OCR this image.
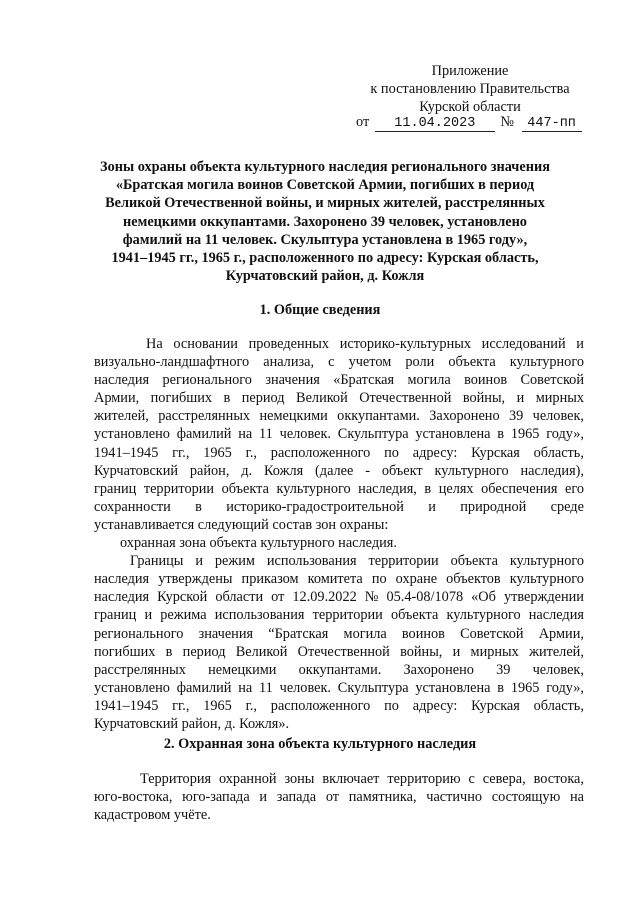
Приложение
к постановлению Правительства
Курской области
от 11.04.2023 № 447-пп
Зоны охраны объекта культурного наследия регионального значения
«Братская могила воинов Советской Армии, погибших в период
Великой Отечественной войны, и мирных жителей, расстрелянных
немецкими оккупантами. Захоронено 39 человек, установлено
фамилий на 11 человек. Скульптура установлена в 1965 году»,
1941–1945 гг., 1965 г., расположенного по адресу: Курская область,
Курчатовский район, д. Кожля
1. Общие сведения
На основании проведенных историко-культурных исследований и
визуально-ландшафтного анализа, с учетом роли объекта культурного
наследия регионального значения «Братская могила воинов Советской
Армии, погибших в период Великой Отечественной войны, и мирных
жителей, расстрелянных немецкими оккупантами. Захоронено 39 человек,
установлено фамилий на 11 человек. Скульптура установлена в 1965 году»,
1941–1945 гг., 1965 г., расположенного по адресу: Курская область,
Курчатовский район, д. Кожля (далее - объект культурного наследия),
границ территории объекта культурного наследия, в целях обеспечения его
сохранности в историко-градостроительной и природной среде
устанавливается следующий состав зон охраны:
охранная зона объекта культурного наследия.
Границы и режим использования территории объекта культурного
наследия утверждены приказом комитета по охране объектов культурного
наследия Курской области от 12.09.2022 № 05.4-08/1078 «Об утверждении
границ и режима использования территории объекта культурного наследия
регионального значения “Братская могила воинов Советской Армии,
погибших в период Великой Отечественной войны, и мирных жителей,
расстрелянных немецкими оккупантами. Захоронено 39 человек,
установлено фамилий на 11 человек. Скульптура установлена в 1965 году»,
1941–1945 гг., 1965 г., расположенного по адресу: Курская область,
Курчатовский район, д. Кожля».
2. Охранная зона объекта культурного наследия
Территория охранной зоны включает территорию с севера, востока,
юго-востока, юго-запада и запада от памятника, частично состоящую на
кадастровом учёте.
